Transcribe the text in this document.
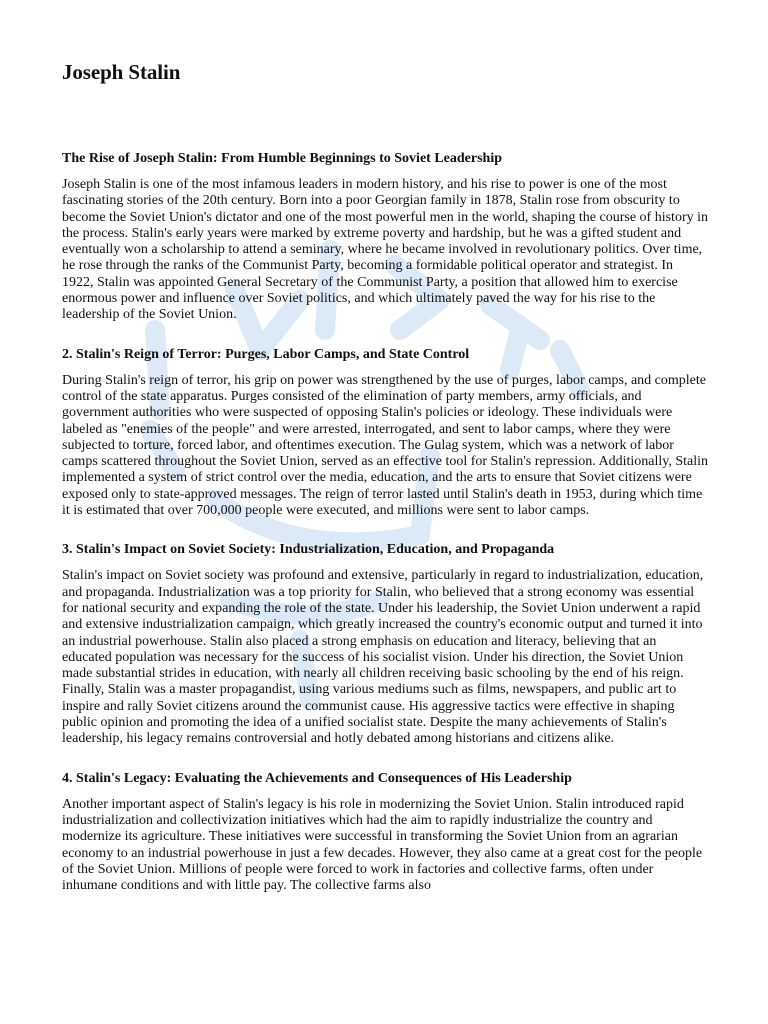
Joseph Stalin
The Rise of Joseph Stalin: From Humble Beginnings to Soviet Leadership

Joseph Stalin is one of the most infamous leaders in modern history, and his rise to power is one of the most fascinating stories of the 20th century. Born into a poor Georgian family in 1878, Stalin rose from obscurity to become the Soviet Union's dictator and one of the most powerful men in the world, shaping the course of history in the process. Stalin's early years were marked by extreme poverty and hardship, but he was a gifted student and eventually won a scholarship to attend a seminary, where he became involved in revolutionary politics. Over time, he rose through the ranks of the Communist Party, becoming a formidable political operator and strategist. In 1922, Stalin was appointed General Secretary of the Communist Party, a position that allowed him to exercise enormous power and influence over Soviet politics, and which ultimately paved the way for his rise to the leadership of the Soviet Union.

2. Stalin's Reign of Terror: Purges, Labor Camps, and State Control

During Stalin's reign of terror, his grip on power was strengthened by the use of purges, labor camps, and complete control of the state apparatus. Purges consisted of the elimination of party members, army officials, and government authorities who were suspected of opposing Stalin's policies or ideology. These individuals were labeled as "enemies of the people" and were arrested, interrogated, and sent to labor camps, where they were subjected to torture, forced labor, and oftentimes execution. The Gulag system, which was a network of labor camps scattered throughout the Soviet Union, served as an effective tool for Stalin's repression. Additionally, Stalin implemented a system of strict control over the media, education, and the arts to ensure that Soviet citizens were exposed only to state-approved messages. The reign of terror lasted until Stalin's death in 1953, during which time it is estimated that over 700,000 people were executed, and millions were sent to labor camps.

3. Stalin's Impact on Soviet Society: Industrialization, Education, and Propaganda

Stalin's impact on Soviet society was profound and extensive, particularly in regard to industrialization, education, and propaganda. Industrialization was a top priority for Stalin, who believed that a strong economy was essential for national security and expanding the role of the state. Under his leadership, the Soviet Union underwent a rapid and extensive industrialization campaign, which greatly increased the country's economic output and turned it into an industrial powerhouse. Stalin also placed a strong emphasis on education and literacy, believing that an educated population was necessary for the success of his socialist vision. Under his direction, the Soviet Union made substantial strides in education, with nearly all children receiving basic schooling by the end of his reign. Finally, Stalin was a master propagandist, using various mediums such as films, newspapers, and public art to inspire and rally Soviet citizens around the communist cause. His aggressive tactics were effective in shaping public opinion and promoting the idea of a unified socialist state. Despite the many achievements of Stalin's leadership, his legacy remains controversial and hotly debated among historians and citizens alike.

4. Stalin's Legacy: Evaluating the Achievements and Consequences of His Leadership

Another important aspect of Stalin's legacy is his role in modernizing the Soviet Union. Stalin introduced rapid industrialization and collectivization initiatives which had the aim to rapidly industrialize the country and modernize its agriculture. These initiatives were successful in transforming the Soviet Union from an agrarian economy to an industrial powerhouse in just a few decades. However, they also came at a great cost for the people of the Soviet Union. Millions of people were forced to work in factories and collective farms, often under inhumane conditions and with little pay. The collective farms also
